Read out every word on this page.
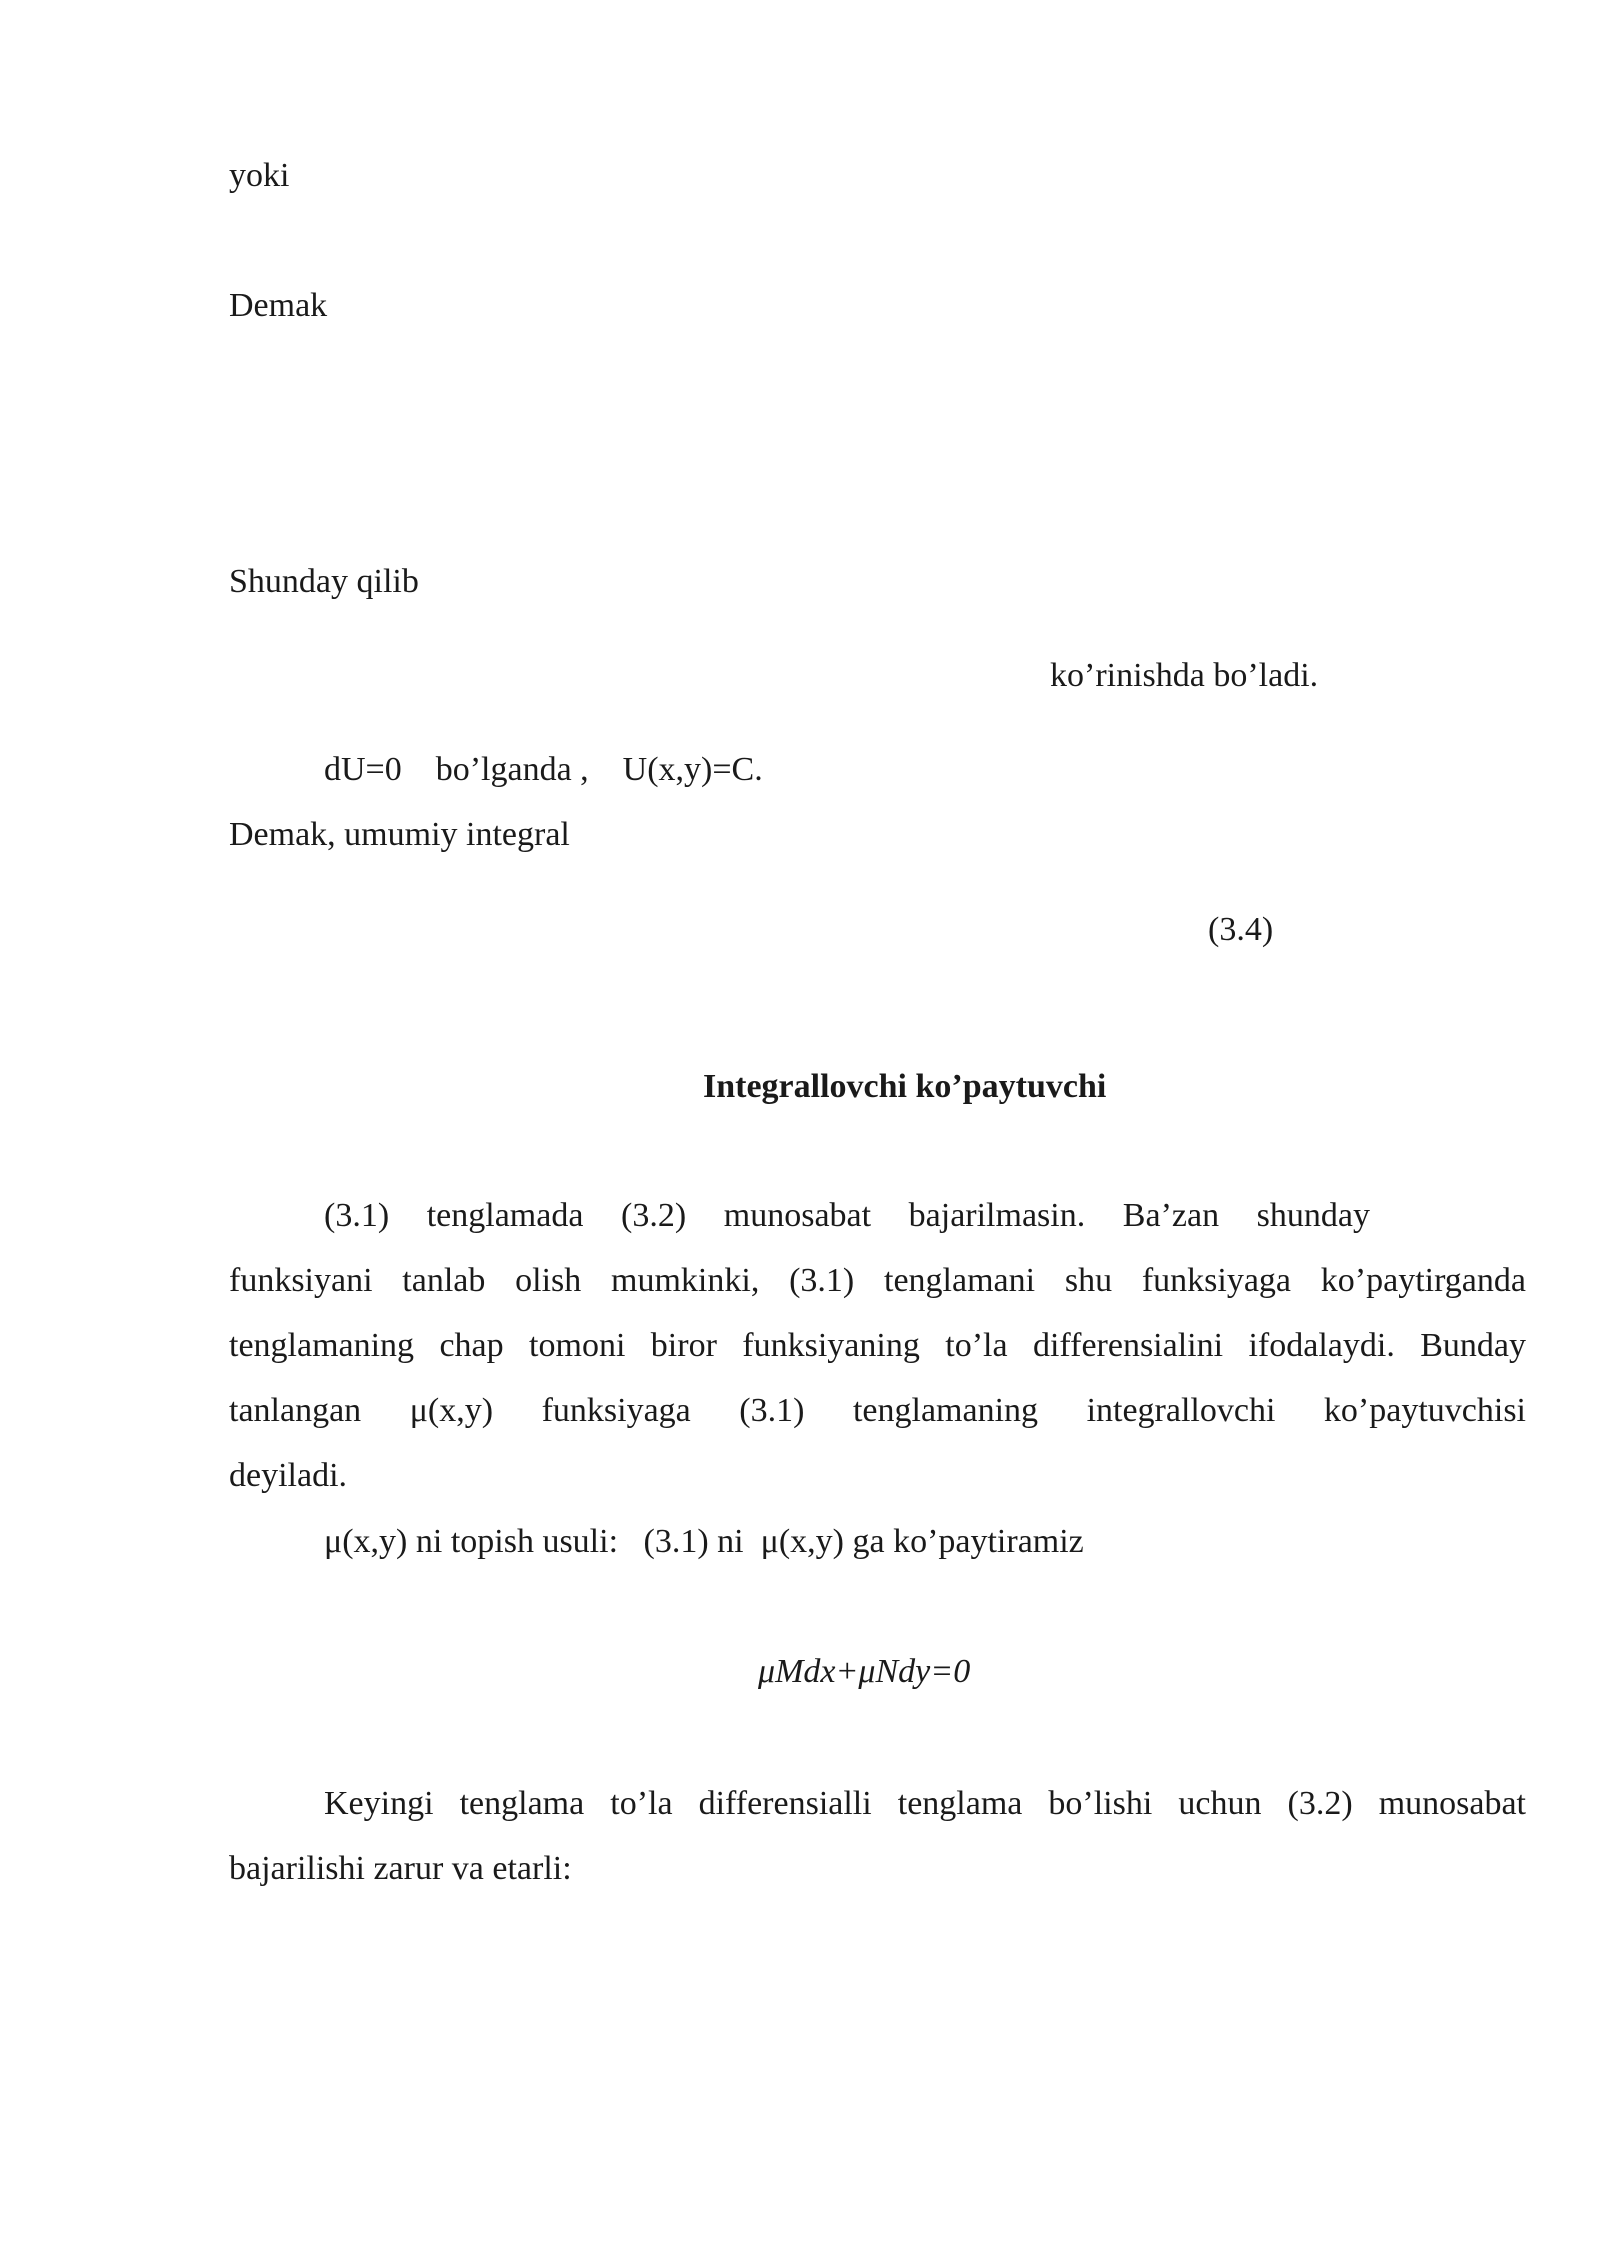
yoki
Demak
Shunday qilib
ko’rinishda bo’ladi.
dU=0    bo’lganda ,    U(x,y)=C.
Demak, umumiy integral
(3.4)
Integrallovchi ko’paytuvchi
(3.1)  tenglamada  (3.2)  munosabat  bajarilmasin.  Ba’zan  shunday
funksiyani tanlab olish mumkinki, (3.1) tenglamani shu funksiyaga ko’paytirganda
tenglamaning chap tomoni biror funksiyaning to’la differensialini ifodalaydi. Bunday
tanlangan  μ(x,y)  funksiyaga  (3.1)  tenglamaning  integrallovchi  ko’paytuvchisi
deyiladi.
μ(x,y) ni topish usuli:   (3.1) ni  μ(x,y) ga ko’paytiramiz
μMdx+μNdy=0
Keyingi tenglama to’la differensialli tenglama bo’lishi uchun (3.2) munosabat
bajarilishi zarur va etarli:
